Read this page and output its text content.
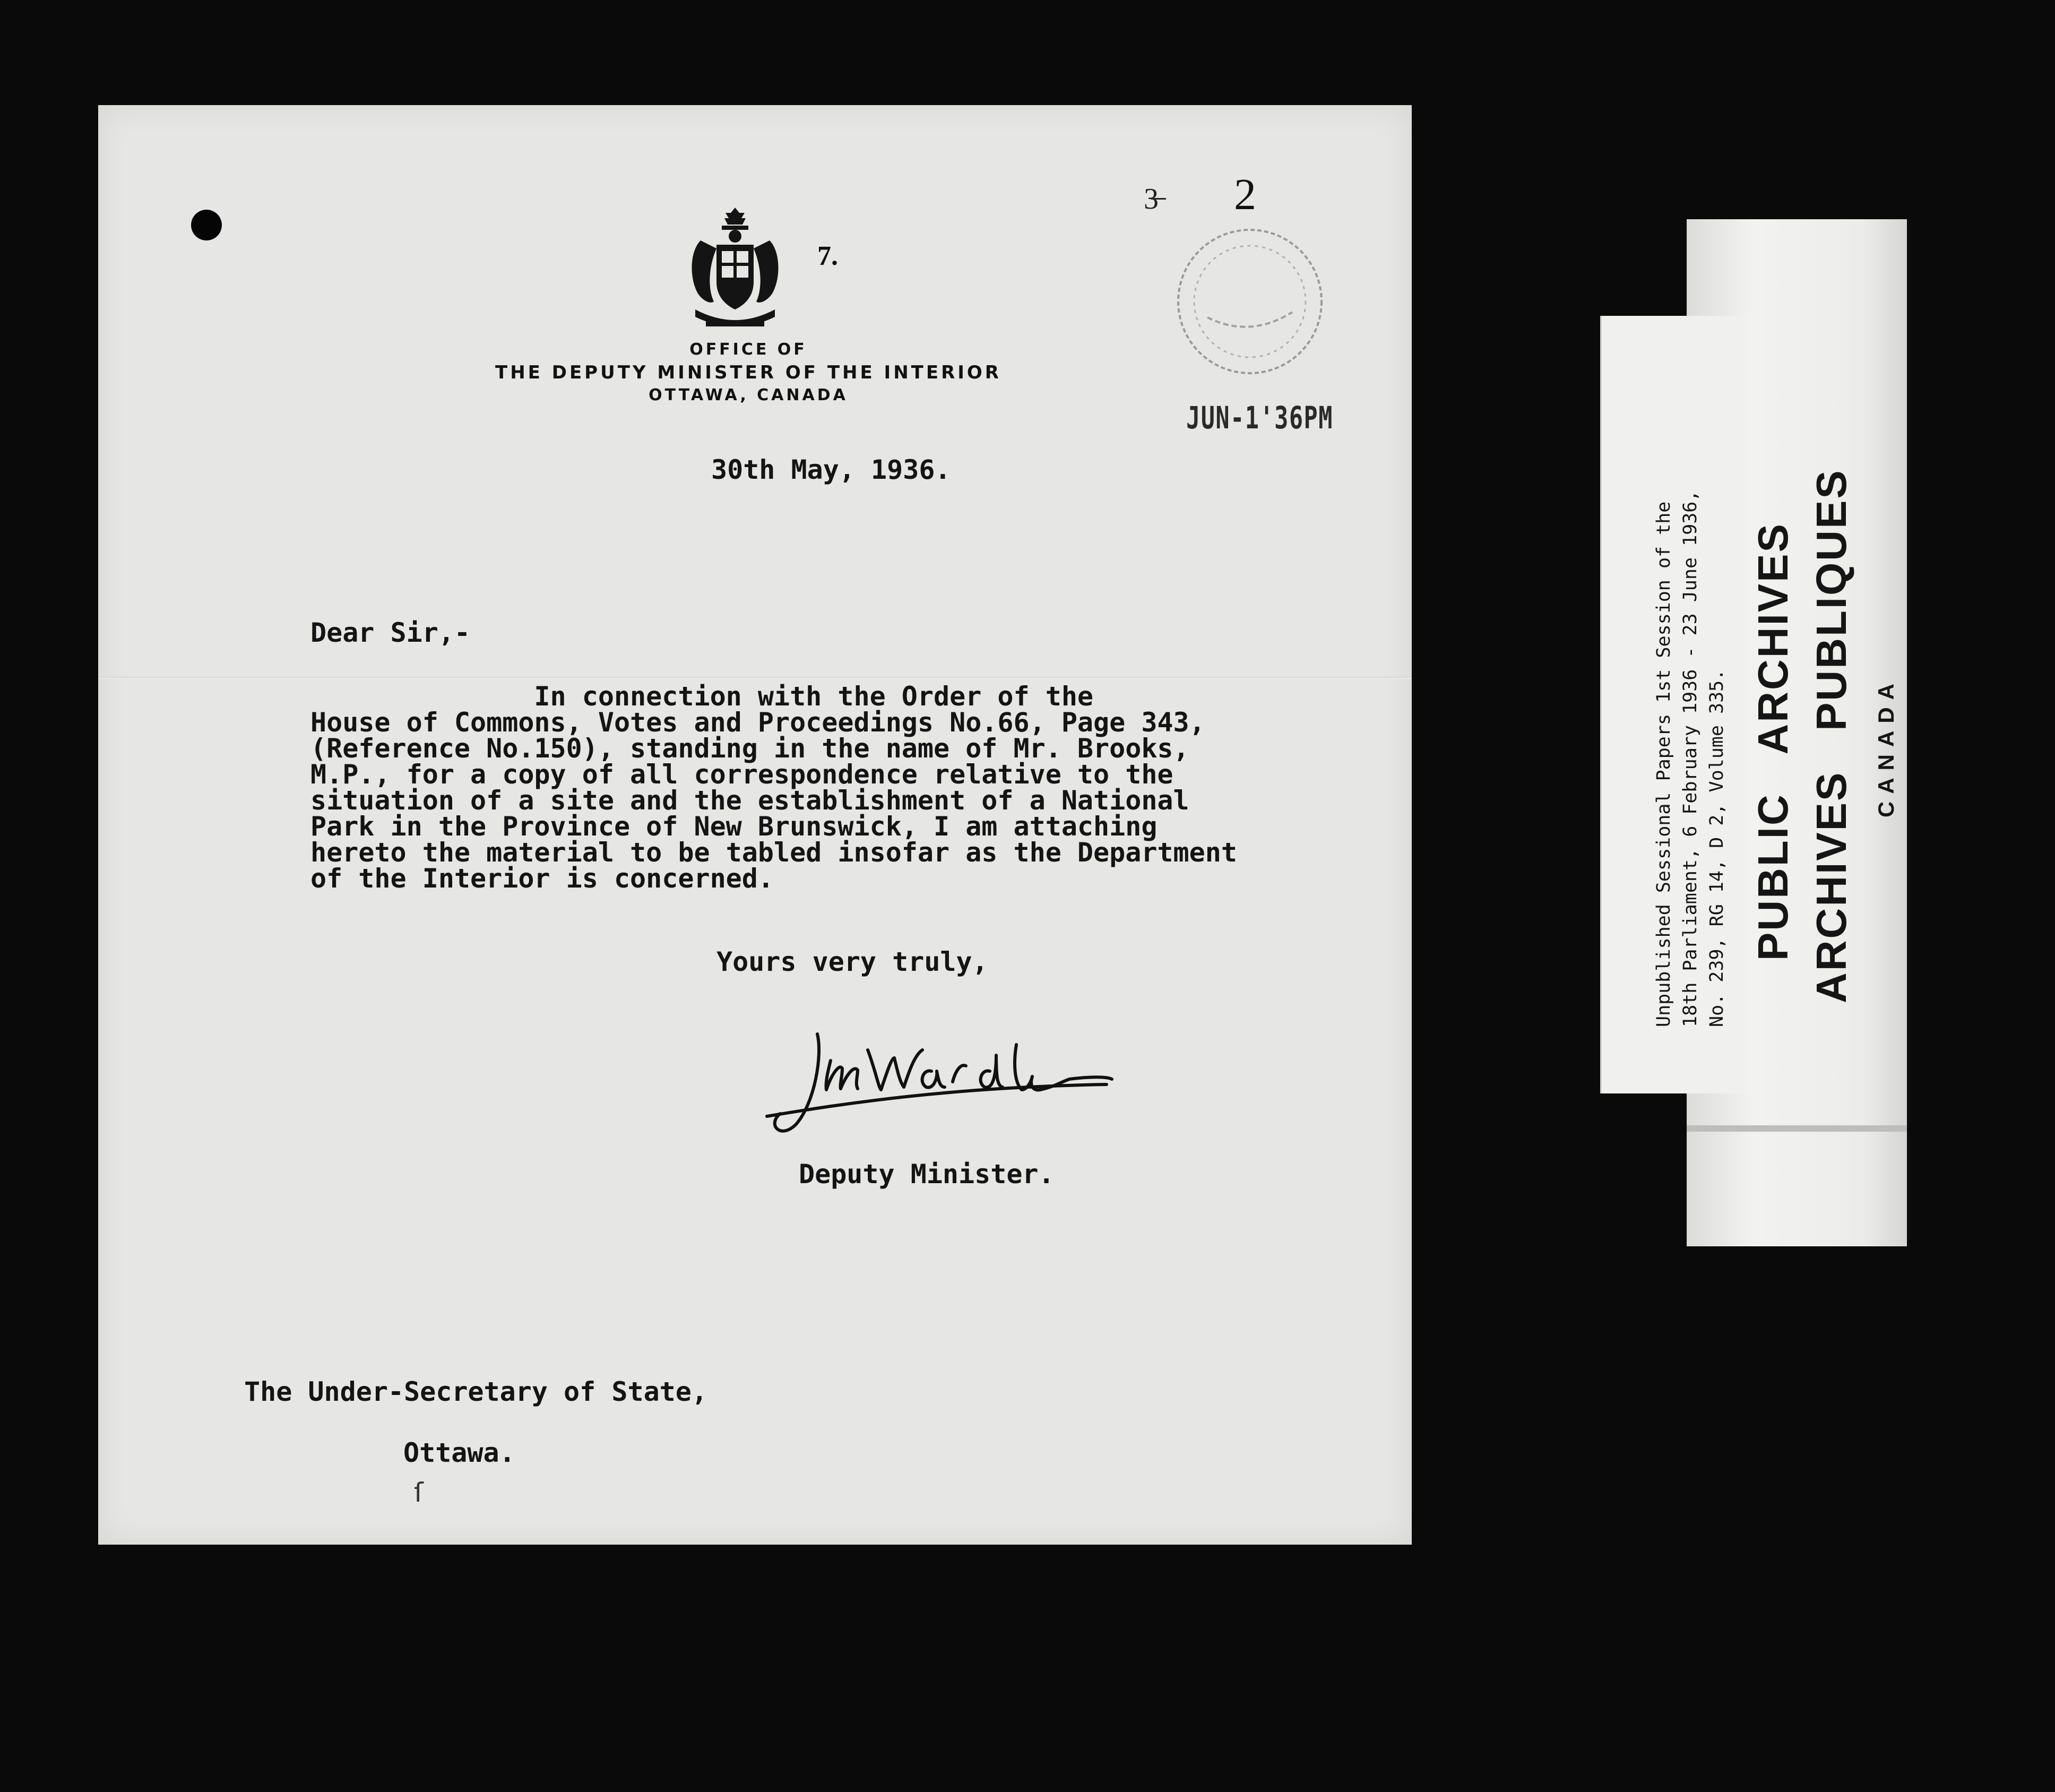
7.
3̶ 2
OFFICE OF
THE DEPUTY MINISTER OF THE INTERIOR
OTTAWA, CANADA
JUN-1'36PM
30th May, 1936.
Dear Sir,-
In connection with the Order of the
House of Commons, Votes and Proceedings No.66, Page 343,
(Reference No.150), standing in the name of Mr. Brooks,
M.P., for a copy of all correspondence relative to the
situation of a site and the establishment of a National
Park in the Province of New Brunswick, I am attaching
hereto the material to be tabled insofar as the Department
of the Interior is concerned.
Yours very truly,
Deputy Minister.
The Under-Secretary of State,
Ottawa.
ſ
Unpublished Sessional Papers 1st Session of the
18th Parliament, 6 February 1936 - 23 June 1936,
No. 239, RG 14, D 2, Volume 335. PUBLIC   ARCHIVES ARCHIVES   PUBLIQUES CANADA
